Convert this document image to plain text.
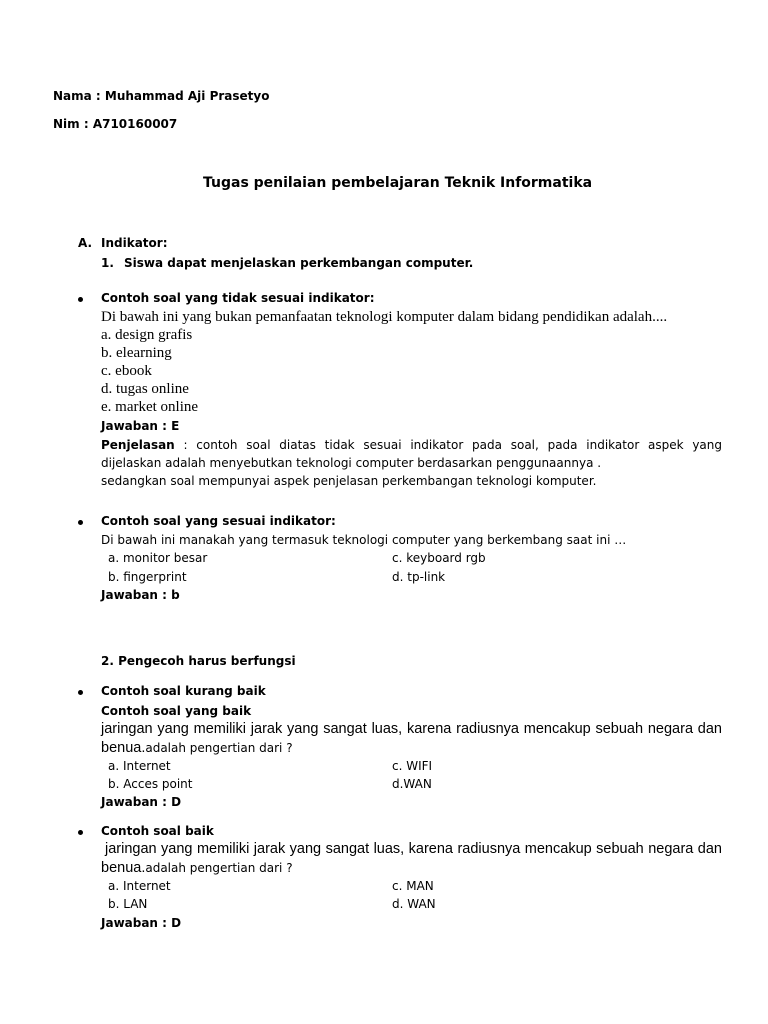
Nama : Muhammad Aji Prasetyo
Nim : A710160007
Tugas penilaian pembelajaran Teknik Informatika
A. Indikator:
1. Siswa dapat menjelaskan perkembangan computer.
Contoh soal yang tidak sesuai indikator:
Di bawah ini yang bukan pemanfaatan teknologi komputer dalam bidang pendidikan adalah....
a. design grafis
b. elearning
c. ebook
d. tugas online
e. market online
Jawaban : E
Penjelasan : contoh soal diatas tidak sesuai indikator pada soal, pada indikator aspek yang
dijelaskan adalah menyebutkan teknologi computer berdasarkan penggunaannya .
sedangkan soal mempunyai aspek penjelasan perkembangan teknologi komputer.
Contoh soal yang sesuai indikator:
Di bawah ini manakah yang termasuk teknologi computer yang berkembang saat ini …
a. monitor besar	c. keyboard rgb
b. fingerprint	d. tp-link
Jawaban : b
2. Pengecoh harus berfungsi
Contoh soal kurang baik
Contoh soal yang baik
jaringan yang memiliki jarak yang sangat luas, karena radiusnya mencakup sebuah negara dan
benua.adalah pengertian dari ?
a. Internet	c. WIFI
b. Acces point	d.WAN
Jawaban : D
Contoh soal baik
jaringan yang memiliki jarak yang sangat luas, karena radiusnya mencakup sebuah negara dan
benua.adalah pengertian dari ?
a. Internet	c. MAN
b. LAN	d. WAN
Jawaban : D
